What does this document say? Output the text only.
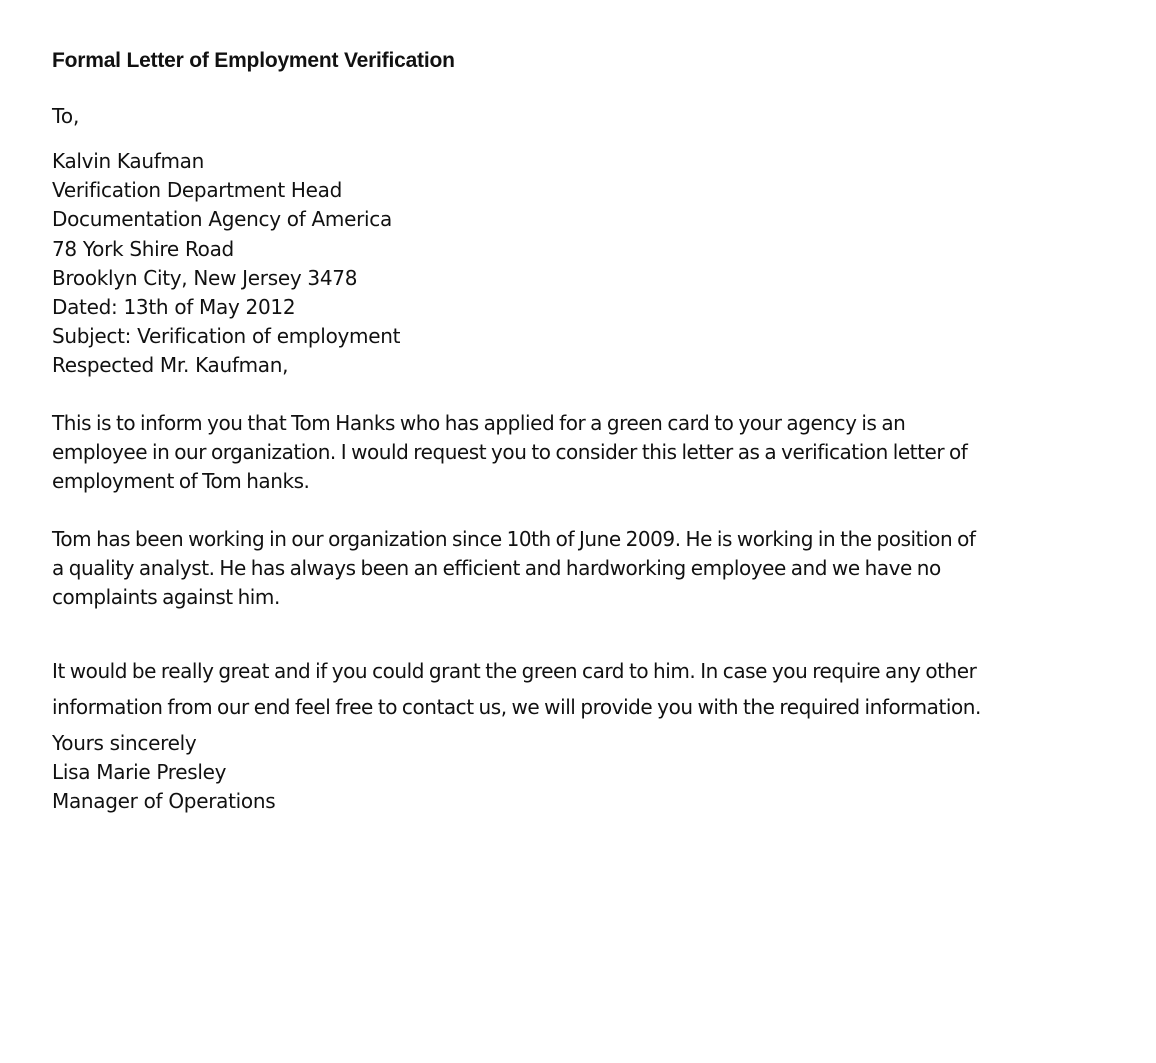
Formal Letter of Employment Verification
To,
Kalvin Kaufman
Verification Department Head
Documentation Agency of America
78 York Shire Road
Brooklyn City, New Jersey 3478
Dated: 13th of May 2012
Subject: Verification of employment
Respected Mr. Kaufman,

This is to inform you that Tom Hanks who has applied for a green card to your agency is an
employee in our organization. I would request you to consider this letter as a verification letter of
employment of Tom hanks.

Tom has been working in our organization since 10th of June 2009. He is working in the position of
a quality analyst. He has always been an efficient and hardworking employee and we have no
complaints against him.

It would be really great and if you could grant the green card to him. In case you require any other
information from our end feel free to contact us, we will provide you with the required information.

Yours sincerely
Lisa Marie Presley
Manager of Operations
